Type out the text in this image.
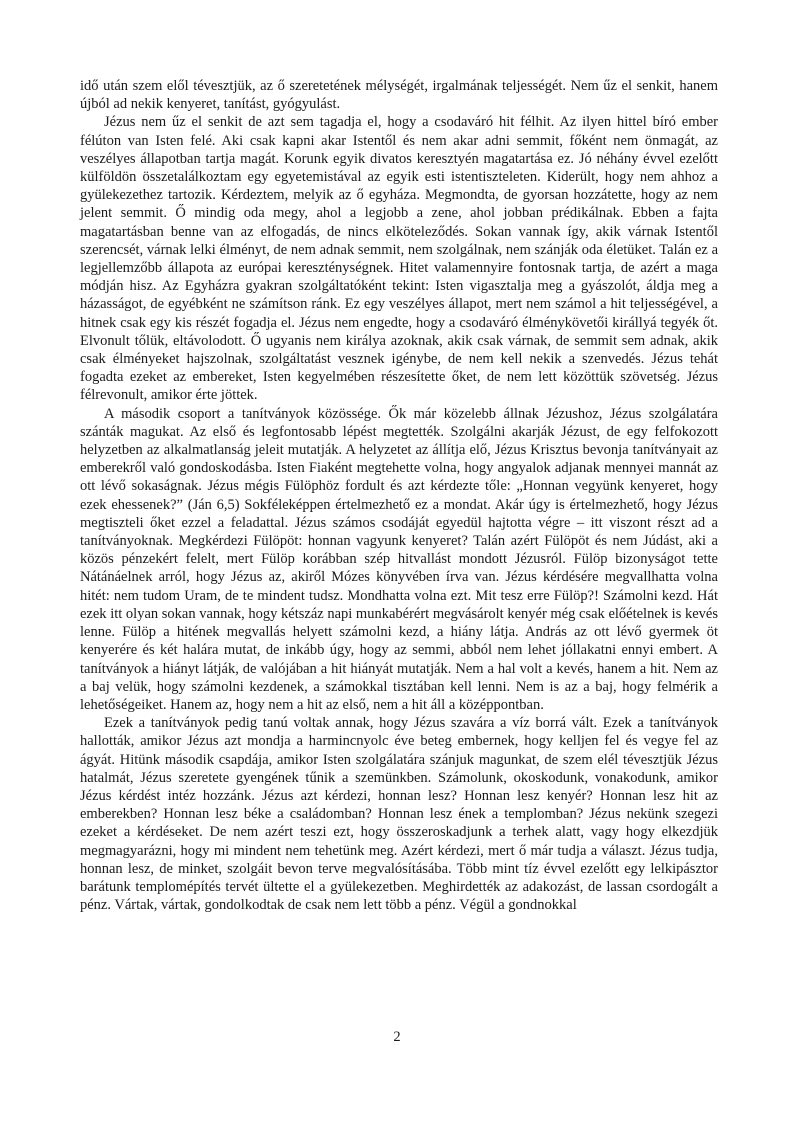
idő után szem elől tévesztjük, az ő szeretetének mélységét, irgalmának teljességét. Nem űz el senkit, hanem újból ad nekik kenyeret, tanítást, gyógyulást.

Jézus nem űz el senkit de azt sem tagadja el, hogy a csodaváró hit félhit. Az ilyen hittel bíró ember félúton van Isten felé. Aki csak kapni akar Istentől és nem akar adni semmit, főként nem önmagát, az veszélyes állapotban tartja magát. Korunk egyik divatos keresztyén magatartása ez. Jó néhány évvel ezelőtt külföldön összetalálkoztam egy egyetemistával az egyik esti istentiszteleten. Kiderült, hogy nem ahhoz a gyülekezethez tartozik. Kérdeztem, melyik az ő egyháza. Megmondta, de gyorsan hozzátette, hogy az nem jelent semmit. Ő mindig oda megy, ahol a legjobb a zene, ahol jobban prédikálnak. Ebben a fajta magatartásban benne van az elfogadás, de nincs elköteleződés. Sokan vannak így, akik várnak Istentől szerencsét, várnak lelki élményt, de nem adnak semmit, nem szolgálnak, nem szánják oda életüket. Talán ez a legjellemzőbb állapota az európai kereszténységnek. Hitet valamennyire fontosnak tartja, de azért a maga módján hisz. Az Egyházra gyakran szolgáltatóként tekint: Isten vigasztalja meg a gyászolót, áldja meg a házasságot, de egyébként ne számítson ránk. Ez egy veszélyes állapot, mert nem számol a hit teljességével, a hitnek csak egy kis részét fogadja el. Jézus nem engedte, hogy a csodaváró élménykövetői királlyá tegyék őt. Elvonult tőlük, eltávolodott. Ő ugyanis nem királya azoknak, akik csak várnak, de semmit sem adnak, akik csak élményeket hajszolnak, szolgáltatást vesznek igénybe, de nem kell nekik a szenvedés. Jézus tehát fogadta ezeket az embereket, Isten kegyelmében részesítette őket, de nem lett közöttük szövetség. Jézus félrevonult, amikor érte jöttek.

A második csoport a tanítványok közössége. Ők már közelebb állnak Jézushoz, Jézus szolgálatára szánták magukat. Az első és legfontosabb lépést megtették. Szolgálni akarják Jézust, de egy felfokozott helyzetben az alkalmatlanság jeleit mutatják. A helyzetet az állítja elő, Jézus Krisztus bevonja tanítványait az emberekről való gondoskodásba. Isten Fiaként megtehette volna, hogy angyalok adjanak mennyei mannát az ott lévő sokaságnak. Jézus mégis Fülöphöz fordult és azt kérdezte tőle: „Honnan vegyünk kenyeret, hogy ezek ehessenek?” (Ján 6,5) Sokféleképpen értelmezhető ez a mondat. Akár úgy is értelmezhető, hogy Jézus megtiszteli őket ezzel a feladattal. Jézus számos csodáját egyedül hajtotta végre – itt viszont részt ad a tanítványoknak. Megkérdezi Fülöpöt: honnan vagyunk kenyeret? Talán azért Fülöpöt és nem Júdást, aki a közös pénzekért felelt, mert Fülöp korábban szép hitvallást mondott Jézusról. Fülöp bizonyságot tette Nátánáelnek arról, hogy Jézus az, akiről Mózes könyvében írva van. Jézus kérdésére megvallhatta volna hitét: nem tudom Uram, de te mindent tudsz. Mondhatta volna ezt. Mit tesz erre Fülöp?! Számolni kezd. Hát ezek itt olyan sokan vannak, hogy kétszáz napi munkabérért megvásárolt kenyér még csak előételnek is kevés lenne. Fülöp a hitének megvallás helyett számolni kezd, a hiány látja. András az ott lévő gyermek öt kenyerére és két halára mutat, de inkább úgy, hogy az semmi, abból nem lehet jóllakatni ennyi embert. A tanítványok a hiányt látják, de valójában a hit hiányát mutatják. Nem a hal volt a kevés, hanem a hit. Nem az a baj velük, hogy számolni kezdenek, a számokkal tisztában kell lenni. Nem is az a baj, hogy felmérik a lehetőségeiket. Hanem az, hogy nem a hit az első, nem a hit áll a középpontban.

Ezek a tanítványok pedig tanú voltak annak, hogy Jézus szavára a víz borrá vált. Ezek a tanítványok hallották, amikor Jézus azt mondja a harmincnyolc éve beteg embernek, hogy kelljen fel és vegye fel az ágyát. Hitünk második csapdája, amikor Isten szolgálatára szánjuk magunkat, de szem elél tévesztjük Jézus hatalmát, Jézus szeretete gyengének tűnik a szemünkben. Számolunk, okoskodunk, vonakodunk, amikor Jézus kérdést intéz hozzánk. Jézus azt kérdezi, honnan lesz? Honnan lesz kenyér? Honnan lesz hit az emberekben? Honnan lesz béke a családomban? Honnan lesz ének a templomban? Jézus nekünk szegezi ezeket a kérdéseket. De nem azért teszi ezt, hogy összeroskadjunk a terhek alatt, vagy hogy elkezdjük megmagyarázni, hogy mi mindent nem tehetünk meg. Azért kérdezi, mert ő már tudja a választ. Jézus tudja, honnan lesz, de minket, szolgáit bevon terve megvalósításába. Több mint tíz évvel ezelőtt egy lelkipásztor barátunk templomépítés tervét ültette el a gyülekezetben. Meghirdették az adakozást, de lassan csordogált a pénz. Vártak, vártak, gondolkodtak de csak nem lett több a pénz. Végül a gondnokkal

2
